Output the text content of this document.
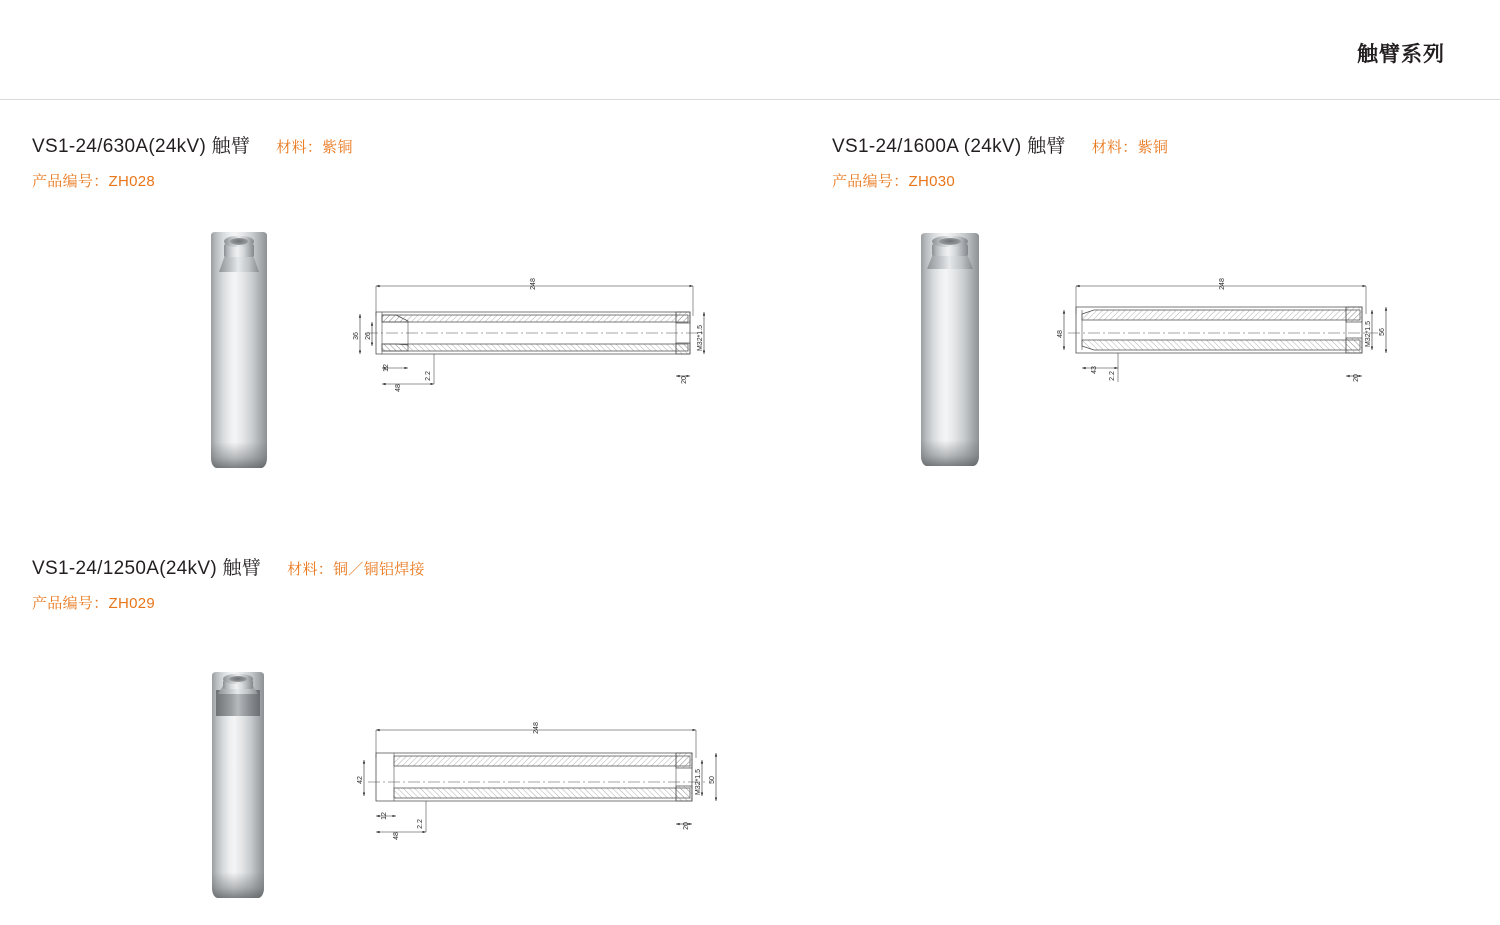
触臂系列
VS1-24/630A(24kV) 触臂 材料：紫铜
产品编号：ZH028
248
36 26
12
48
2.2	20
M32*1.5
VS1-24/1600A (24kV) 触臂 材料：紫铜
产品编号：ZH030
248
48
43
2.2	20
M32*1.5 56
VS1-24/1250A(24kV) 触臂 材料：铜／铜铝焊接
产品编号：ZH029
248
42
12
48
2.2	20
M32*1.5 50
